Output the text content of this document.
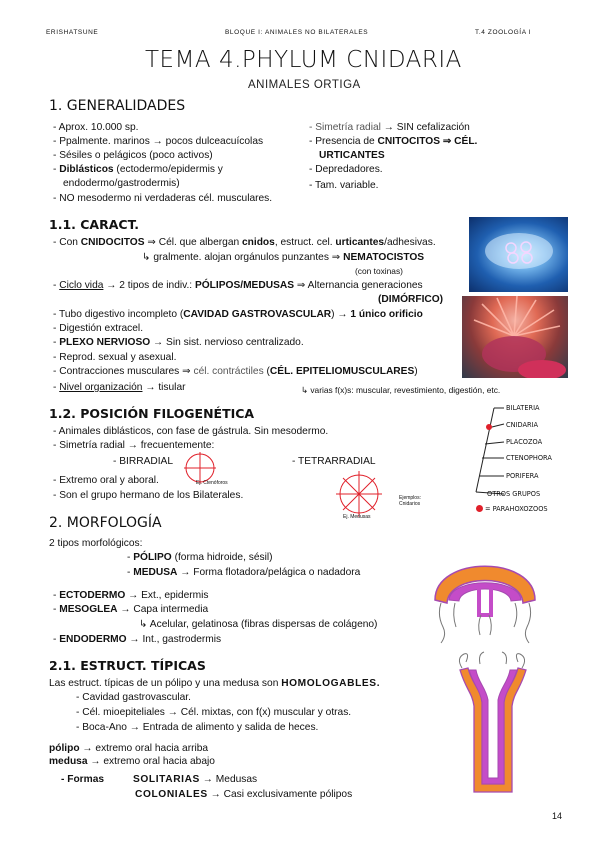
ERISHATSUNE	BLOQUE I: ANIMALES NO BILATERALES	T.4 ZOOLOGÍA I
TEMA 4.PHYLUM CNIDARIA
ANIMALES ORTIGA
1. GENERALIDADES
- Aprox. 10.000 sp.
- Ppalmente. marinos → pocos dulceacuícolas
- Sésiles o pelágicos (poco activos)
- Diblásticos (ectodermo/epidermis y
endodermo/gastrodermis)
- NO mesodermo ni verdaderas cél. musculares.
- Simetría radial → SIN cefalización
- Presencia de CNITOCITOS ⇒ CÉL.
URTICANTES
- Depredadores.
- Tam. variable.
1.1. CARACT.
- Con CNIDOCITOS ⇒ Cél. que albergan cnidos, estruct. cel. urticantes/adhesivas.
↳ gralmente. alojan orgánulos punzantes ⇒ NEMATOCISTOS
(con toxinas)
- Ciclo vida → 2 tipos de indiv.: PÓLIPOS/MEDUSAS ⇒ Alternancia generaciones
(DIMÓRFICO)
- Tubo digestivo incompleto (CAVIDAD GASTROVASCULAR) → 1 único orificio
- Digestión extracel.
- PLEXO NERVIOSO → Sin sist. nervioso centralizado.
- Reprod. sexual y asexual.
- Contracciones musculares ⇒ cél. contráctiles (CÉL. EPITELIOMUSCULARES)
- Nivel organización → tisular	↳ varias f(x)s: muscular, revestimiento, digestión, etc.
1.2. POSICIÓN FILOGENÉTICA
- Animales diblásticos, con fase de gástrula. Sin mesodermo.
- Simetría radial → frecuentemente:
- BIRRADIAL	- TETRARRADIAL
- Extremo oral y aboral.
- Son el grupo hermano de los Bilaterales.
Ej. Ctenóforos
Ej. Medusas
Ejemplos: Cnidarios
BILATERIA
CNIDARIA
PLACOZOA
CTENOPHORA
PORIFERA
OTROS GRUPOS
= PARAHOXOZOOS
2. MORFOLOGÍA
2 tipos morfológicos:
- PÓLIPO (forma hidroide, sésil)
- MEDUSA → Forma flotadora/pelágica o nadadora
- ECTODERMO → Ext., epidermis
- MESOGLEA → Capa intermedia
↳ Acelular, gelatinosa (fibras dispersas de colágeno)
- ENDODERMO → Int., gastrodermis
2.1. ESTRUCT. TÍPICAS
Las estruct. típicas de un pólipo y una medusa son HOMOLOGABLES.
- Cavidad gastrovascular.
- Cél. mioepiteliales → Cél. mixtas, con f(x) muscular y otras.
- Boca-Ano → Entrada de alimento y salida de heces.
pólipo → extremo oral hacia arriba
medusa → extremo oral hacia abajo
- Formas	SOLITARIAS → Medusas
COLONIALES → Casi exclusivamente pólipos
14
